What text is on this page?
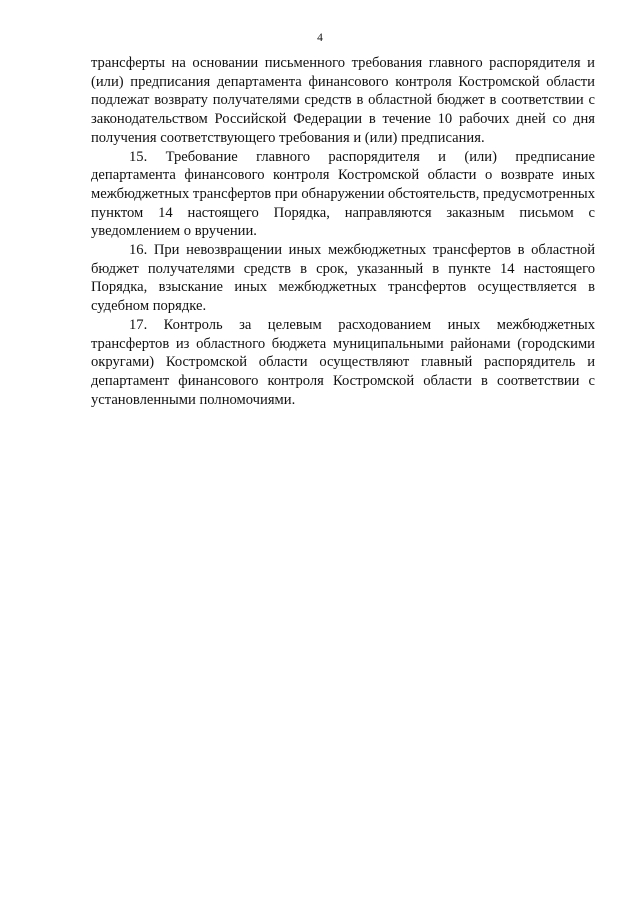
4

трансферты на основании письменного требования главного распорядителя и (или) предписания департамента финансового контроля Костромской области подлежат возврату получателями средств в областной бюджет в соответствии с законодательством Российской Федерации в течение 10 рабочих дней со дня получения соответствующего требования и (или) предписания.

15. Требование главного распорядителя и (или) предписание департамента финансового контроля Костромской области о возврате иных межбюджетных трансфертов при обнаружении обстоятельств, предусмотренных пунктом 14 настоящего Порядка, направляются заказным письмом с уведомлением о вручении.

16. При невозвращении иных межбюджетных трансфертов в областной бюджет получателями средств в срок, указанный в пункте 14 настоящего Порядка, взыскание иных межбюджетных трансфертов осуществляется в судебном порядке.

17. Контроль за целевым расходованием иных межбюджетных трансфертов из областного бюджета муниципальными районами (городскими округами) Костромской области осуществляют главный распорядитель и департамент финансового контроля Костромской области в соответствии с установленными полномочиями.
